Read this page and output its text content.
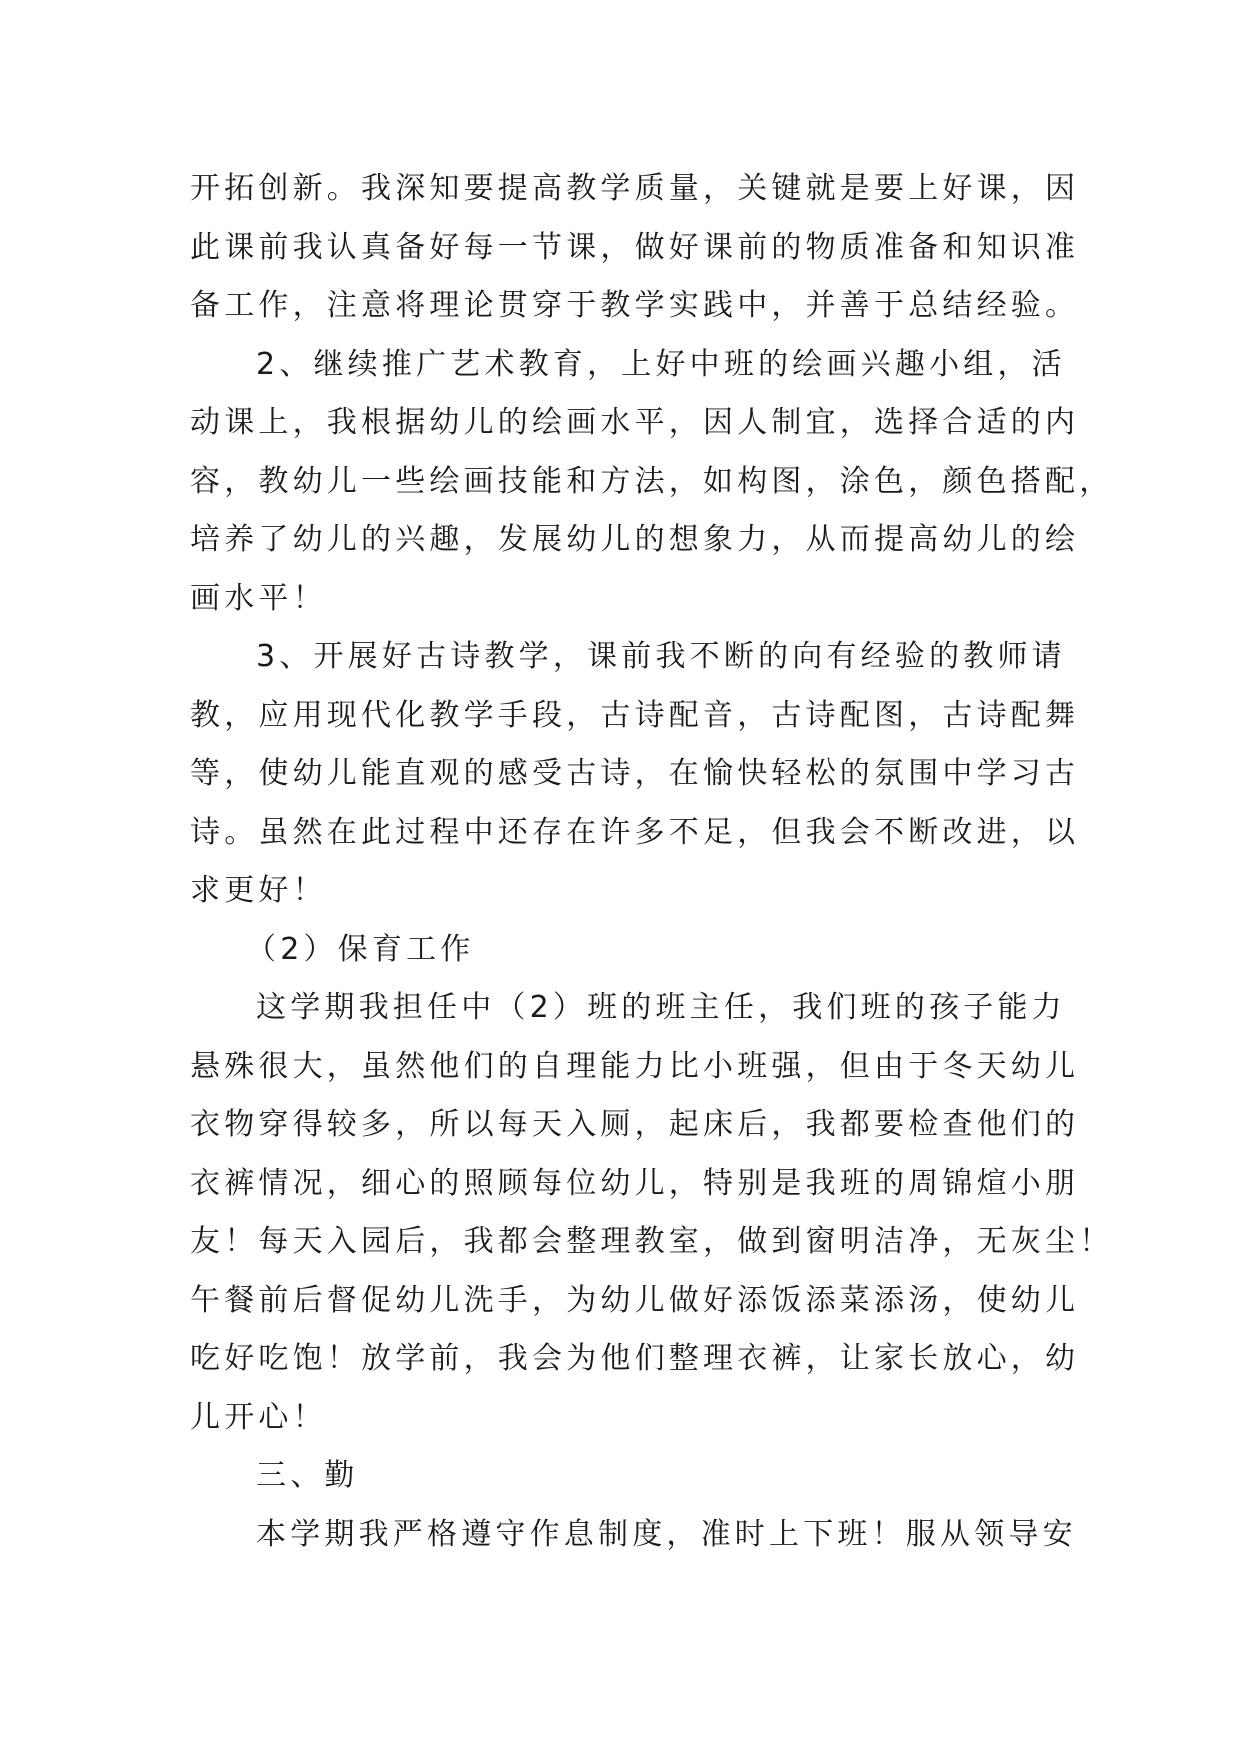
开拓创新。我深知要提高教学质量，关键就是要上好课，因
此课前我认真备好每一节课，做好课前的物质准备和知识准
备工作，注意将理论贯穿于教学实践中，并善于总结经验。
2、继续推广艺术教育，上好中班的绘画兴趣小组，活
动课上，我根据幼儿的绘画水平，因人制宜，选择合适的内
容，教幼儿一些绘画技能和方法，如构图，涂色，颜色搭配，
培养了幼儿的兴趣，发展幼儿的想象力，从而提高幼儿的绘
画水平！
3、开展好古诗教学，课前我不断的向有经验的教师请
教，应用现代化教学手段，古诗配音，古诗配图，古诗配舞
等，使幼儿能直观的感受古诗，在愉快轻松的氛围中学习古
诗。虽然在此过程中还存在许多不足，但我会不断改进，以
求更好！
（2）保育工作
这学期我担任中（2）班的班主任，我们班的孩子能力
悬殊很大，虽然他们的自理能力比小班强，但由于冬天幼儿
衣物穿得较多，所以每天入厕，起床后，我都要检查他们的
衣裤情况，细心的照顾每位幼儿，特别是我班的周锦煊小朋
友！每天入园后，我都会整理教室，做到窗明洁净，无灰尘！
午餐前后督促幼儿洗手，为幼儿做好添饭添菜添汤，使幼儿
吃好吃饱！放学前，我会为他们整理衣裤，让家长放心，幼
儿开心！
三、勤
本学期我严格遵守作息制度，准时上下班！服从领导安
